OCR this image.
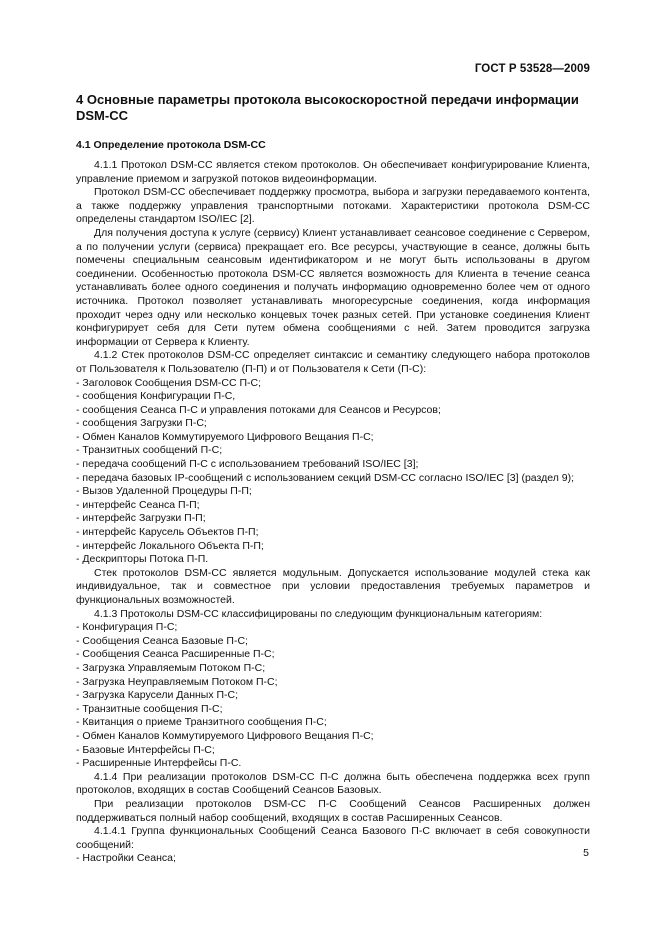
ГОСТ Р 53528—2009
4 Основные параметры протокола высокоскоростной передачи информации DSM-CC
4.1 Определение протокола DSM-CC

4.1.1 Протокол DSM-CC является стеком протоколов. Он обеспечивает конфигурирование Клиента, управление приемом и загрузкой потоков видеоинформации.

Протокол DSM-CC обеспечивает поддержку просмотра, выбора и загрузки передаваемого контента, а также поддержку управления транспортными потоками. Характеристики протокола DSM-CC определены стандартом ISO/IEC [2].

Для получения доступа к услуге (сервису) Клиент устанавливает сеансовое соединение с Сервером, а по получении услуги (сервиса) прекращает его. Все ресурсы, участвующие в сеансе, должны быть помечены специальным сеансовым идентификатором и не могут быть использованы в другом соединении. Особенностью протокола DSM-CC является возможность для Клиента в течение сеанса устанавливать более одного соединения и получать информацию одновременно более чем от одного источника. Протокол позволяет устанавливать многоресурсные соединения, когда информация проходит через одну или несколько концевых точек разных сетей. При установке соединения Клиент конфигурирует себя для Сети путем обмена сообщениями с ней. Затем проводится загрузка информации от Сервера к Клиенту.

4.1.2 Стек протоколов DSM-CC определяет синтаксис и семантику следующего набора протоколов от Пользователя к Пользователю (П-П) и от Пользователя к Сети (П-С):

- Заголовок Сообщения DSM-CC П-С;

- сообщения Конфигурации П-С,

- сообщения Сеанса П-С и управления потоками для Сеансов и Ресурсов;

- сообщения Загрузки П-С;

- Обмен Каналов Коммутируемого Цифрового Вещания П-С;

- Транзитных сообщений П-С;

- передача сообщений П-С с использованием требований ISO/IEC [3];

- передача базовых IP-сообщений с использованием секций DSM-CC согласно ISO/IEC [3] (раздел 9);

- Вызов Удаленной Процедуры П-П;

- интерфейс Сеанса П-П;

- интерфейс Загрузки П-П;

- интерфейс Карусель Объектов П-П;

- интерфейс Локального Объекта П-П;

- Дескрипторы Потока П-П.

Стек протоколов DSM-CC является модульным. Допускается использование модулей стека как индивидуальное, так и совместное при условии предоставления требуемых параметров и функциональных возможностей.

4.1.3 Протоколы DSM-CC классифицированы по следующим функциональным категориям:

- Конфигурация П-С;

- Сообщения Сеанса Базовые П-С;

- Сообщения Сеанса Расширенные П-С;

- Загрузка Управляемым Потоком П-С;

- Загрузка Неуправляемым Потоком П-С;

- Загрузка Карусели Данных П-С;

- Транзитные сообщения П-С;

- Квитанция о приеме Транзитного сообщения П-С;

- Обмен Каналов Коммутируемого Цифрового Вещания П-С;

- Базовые Интерфейсы П-С;

- Расширенные Интерфейсы П-С.

4.1.4 При реализации протоколов DSM-CC П-С должна быть обеспечена поддержка всех групп протоколов, входящих в состав Сообщений Сеансов Базовых.

При реализации протоколов DSM-CC П-С Сообщений Сеансов Расширенных должен поддерживаться полный набор сообщений, входящих в состав Расширенных Сеансов.

4.1.4.1 Группа функциональных Сообщений Сеанса Базового П-С включает в себя совокупности сообщений:

- Настройки Сеанса;	5
